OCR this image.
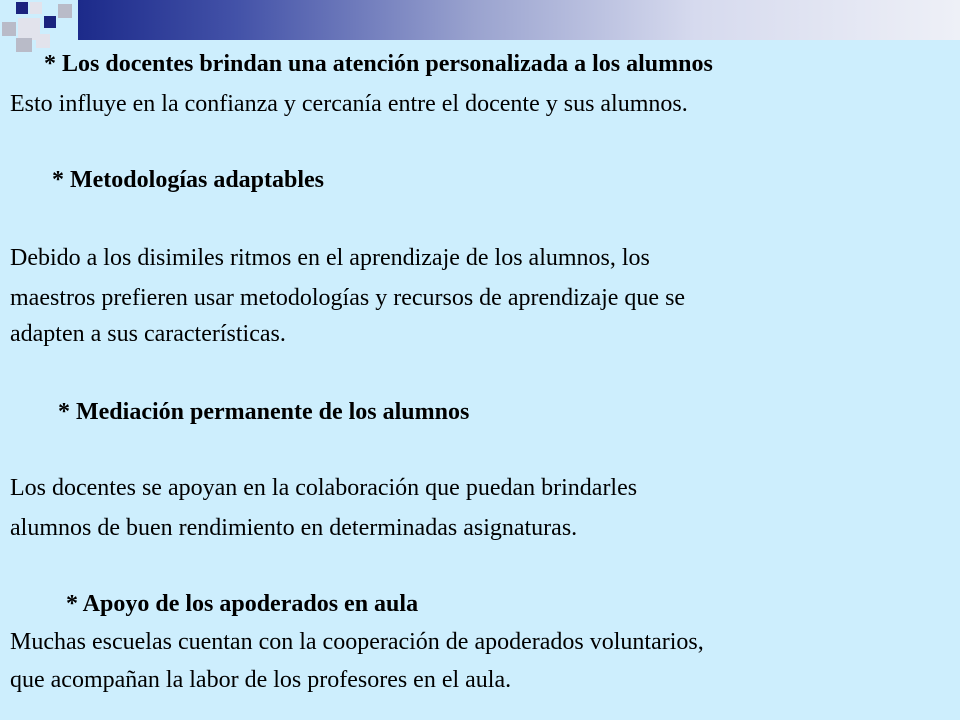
* Los docentes brindan una atención personalizada a los alumnos
Esto influye en la confianza y cercanía entre el docente y sus alumnos.
* Metodologías adaptables
Debido a los disimiles ritmos en el aprendizaje de los alumnos, los
maestros prefieren usar metodologías y recursos de aprendizaje que se
adapten a sus características.
* Mediación permanente de los alumnos
Los docentes se apoyan en la colaboración que puedan brindarles
alumnos de buen rendimiento en determinadas asignaturas.
* Apoyo de los apoderados en aula
Muchas escuelas cuentan con la cooperación de apoderados voluntarios,
que acompañan la labor de los profesores en el aula.
